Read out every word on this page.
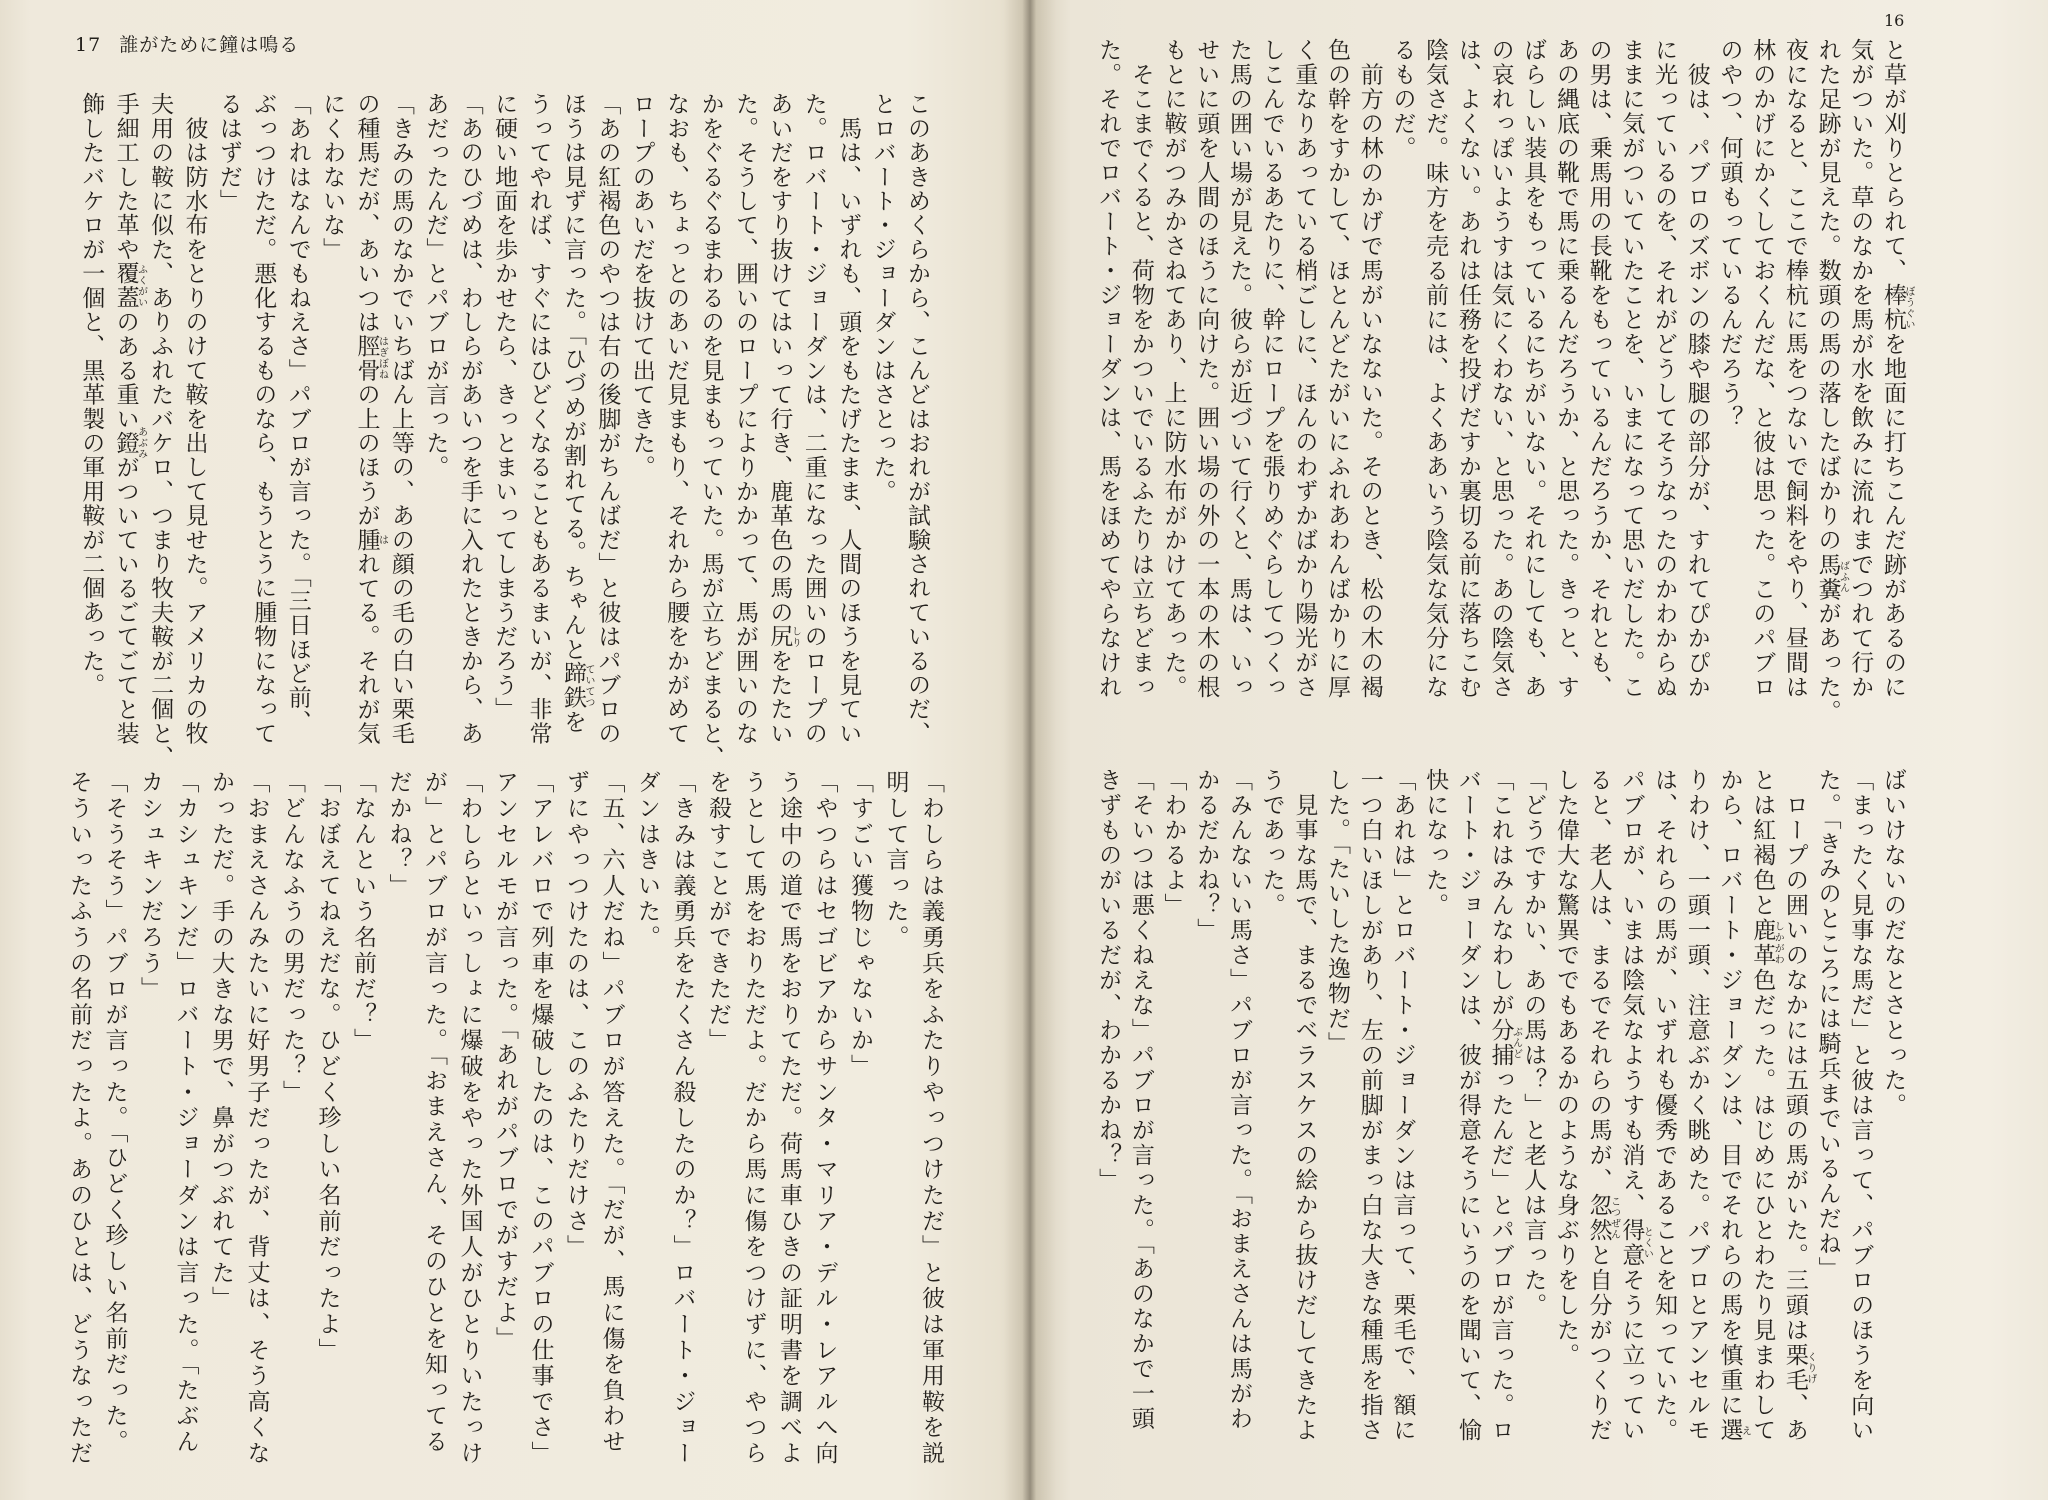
17 誰がために鐘は鳴る
16
と草が刈りとられて、棒杭
ぼうぐい
を地面に打ちこんだ跡があるのに
気がついた。草のなかを馬が水を飲みに流れまでつれて行か
れた足跡が見えた。数頭の馬の落したばかりの馬糞
ばふん
があった。
夜になると、ここで棒杭に馬をつないで飼料をやり、昼間は
林のかげにかくしておくんだな、と彼は思った。このパブロ
のやつ、何頭もっているんだろう？
　彼は、パブロのズボンの膝や腿の部分が、すれてぴかぴか
に光っているのを、それがどうしてそうなったのかわからぬ
ままに気がついていたことを、いまになって思いだした。こ
の男は、乗馬用の長靴をもっているんだろうか、それとも、
あの縄底の靴で馬に乗るんだろうか、と思った。きっと、す
ばらしい装具をもっているにちがいない。それにしても、あ
の哀れっぽいようすは気にくわない、と思った。あの陰気さ
は、よくない。あれは任務を投げだすか裏切る前に落ちこむ
陰気さだ。味方を売る前には、よくああいう陰気な気分にな
るものだ。
　前方の林のかげで馬がいなないた。そのとき、松の木の褐
色の幹をすかして、ほとんどたがいにふれあわんばかりに厚
く重なりあっている梢ごしに、ほんのわずかばかり陽光がさ
しこんでいるあたりに、幹にロープを張りめぐらしてつくっ
た馬の囲い場が見えた。彼らが近づいて行くと、馬は、いっ
せいに頭を人間のほうに向けた。囲い場の外の一本の木の根
もとに鞍がつみかさねてあり、上に防水布がかけてあった。
　そこまでくると、荷物をかついでいるふたりは立ちどまっ
た。それでロバート・ジョーダンは、馬をほめてやらなけれ
ばいけないのだなとさとった。
「まったく見事な馬だ」と彼は言って、パブロのほうを向い
た。「きみのところには騎兵までいるんだね」
　ロープの囲いのなかには五頭の馬がいた。三頭は栗毛
くりげ
、あ
とは紅褐色と鹿革
しかがわ
色だった。はじめにひとわたり見まわして
から、ロバート・ジョーダンは、目でそれらの馬を慎重に選
え
りわけ、一頭一頭、注意ぶかく眺めた。パブロとアンセルモ
は、それらの馬が、いずれも優秀であることを知っていた。
パブロが、いまは陰気なようすも消え、得意
とくい
そうに立ってい
ると、老人は、まるでそれらの馬が、忽然
こつぜん
と自分がつくりだ
した偉大な驚異ででもあるかのような身ぶりをした。
「どうですかい、あの馬は？」と老人は言った。
「これはみんなわしが分捕
ぶんど
ったんだ」とパブロが言った。ロ
バート・ジョーダンは、彼が得意そうにいうのを聞いて、愉
快になった。
「あれは」とロバート・ジョーダンは言って、栗毛で、額に
一つ白いほしがあり、左の前脚がまっ白な大きな種馬を指さ
した。「たいした逸物だ」
　見事な馬で、まるでベラスケスの絵から抜けだしてきたよ
うであった。
「みんないい馬さ」パブロが言った。「おまえさんは馬がわ
かるだかね？」
「わかるよ」
「そいつは悪くねえな」パブロが言った。「あのなかで一頭
きずものがいるだが、わかるかね？」
このあきめくらから、こんどはおれが試験されているのだ、
とロバート・ジョーダンはさとった。
　馬は、いずれも、頭をもたげたまま、人間のほうを見てい
た。ロバート・ジョーダンは、二重になった囲いのロープの
あいだをすり抜けてはいって行き、鹿革色の馬の尻
しり
をたたい
た。そうして、囲いのロープによりかかって、馬が囲いのな
かをぐるぐるまわるのを見まもっていた。馬が立ちどまると、
なおも、ちょっとのあいだ見まもり、それから腰をかがめて
ロープのあいだを抜けて出てきた。
「あの紅褐色のやつは右の後脚がちんばだ」と彼はパブロの
ほうは見ずに言った。「ひづめが割れてる。ちゃんと蹄鉄
ていてつ
を
うってやれば、すぐにはひどくなることもあるまいが、非常
に硬い地面を歩かせたら、きっとまいってしまうだろう」
「あのひづめは、わしらがあいつを手に入れたときから、あ
あだったんだ」とパブロが言った。
「きみの馬のなかでいちばん上等の、あの顔の毛の白い栗毛
の種馬だが、あいつは脛骨
はぎぼね
の上のほうが腫
は
れてる。それが気
にくわないな」
「あれはなんでもねえさ」パブロが言った。「三日ほど前、
ぶっつけただ。悪化するものなら、もうとうに腫物になって
るはずだ」
　彼は防水布をとりのけて鞍を出して見せた。アメリカの牧
夫用の鞍に似た、ありふれたバケロ、つまり牧夫鞍が二個と、
手細工した革や覆蓋
ふくがい
のある重い鐙
あぶみ
がついているごてごてと装
飾したバケロが一個と、黒革製の軍用鞍が二個あった。
「わしらは義勇兵をふたりやっつけただ」と彼は軍用鞍を説
明して言った。
「すごい獲物じゃないか」
「やつらはセゴビアからサンタ・マリア・デル・レアルへ向
う途中の道で馬をおりてただ。荷馬車ひきの証明書を調べよ
うとして馬をおりただよ。だから馬に傷をつけずに、やつら
を殺すことができただ」
「きみは義勇兵をたくさん殺したのか？」ロバート・ジョー
ダンはきいた。
「五、六人だね」パブロが答えた。「だが、馬に傷を負わせ
ずにやっつけたのは、このふたりだけさ」
「アレバロで列車を爆破したのは、このパブロの仕事でさ」
アンセルモが言った。「あれがパブロでがすだよ」
「わしらといっしょに爆破をやった外国人がひとりいたっけ
が」とパブロが言った。「おまえさん、そのひとを知ってる
だかね？」
「なんという名前だ？」
「おぼえてねえだな。ひどく珍しい名前だったよ」
「どんなふうの男だった？」
「おまえさんみたいに好男子だったが、背丈は、そう高くな
かっただ。手の大きな男で、鼻がつぶれてた」
「カシュキンだ」ロバート・ジョーダンは言った。「たぶん
カシュキンだろう」
「そうそう」パブロが言った。「ひどく珍しい名前だった。
そういったふうの名前だったよ。あのひとは、どうなっただ
